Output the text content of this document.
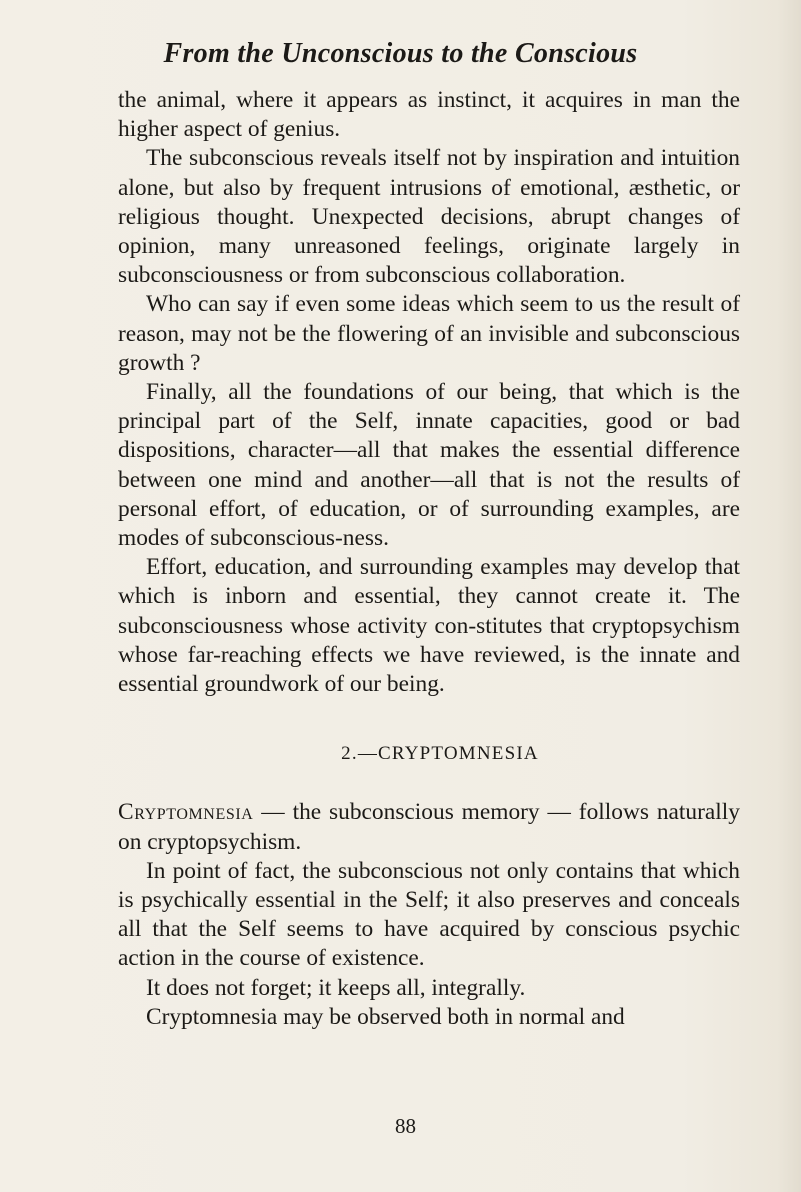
From the Unconscious to the Conscious

the animal, where it appears as instinct, it acquires in man the higher aspect of genius.

The subconscious reveals itself not by inspiration and intuition alone, but also by frequent intrusions of emotional, æsthetic, or religious thought. Unexpected decisions, abrupt changes of opinion, many unreasoned feelings, originate largely in subconsciousness or from subconscious collaboration.

Who can say if even some ideas which seem to us the result of reason, may not be the flowering of an invisible and subconscious growth ?

Finally, all the foundations of our being, that which is the principal part of the Self, innate capacities, good or bad dispositions, character—all that makes the essential difference between one mind and another—all that is not the results of personal effort, of education, or of surrounding examples, are modes of subconscious-ness.

Effort, education, and surrounding examples may develop that which is inborn and essential, they cannot create it. The subconsciousness whose activity con-stitutes that cryptopsychism whose far-reaching effects we have reviewed, is the innate and essential groundwork of our being.

2.—CRYPTOMNESIA

Cryptomnesia — the subconscious memory — follows naturally on cryptopsychism.

In point of fact, the subconscious not only contains that which is psychically essential in the Self; it also preserves and conceals all that the Self seems to have acquired by conscious psychic action in the course of existence.

It does not forget; it keeps all, integrally.

Cryptomnesia may be observed both in normal and

88
